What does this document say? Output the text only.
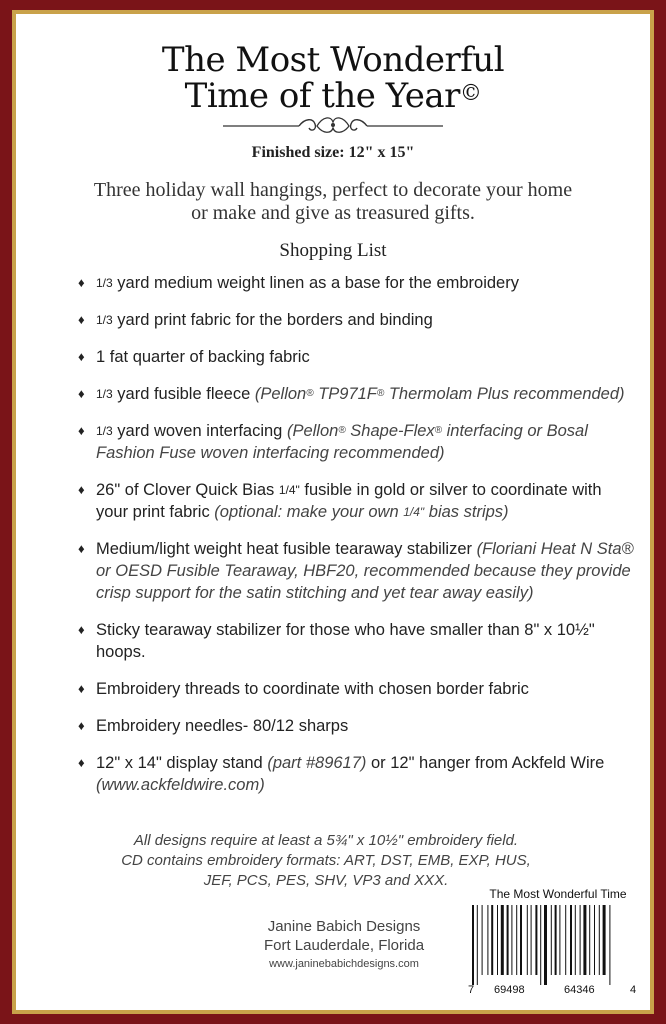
The Most Wonderful
Time of the Year©
Finished size: 12" x 15"
Three holiday wall hangings, perfect to decorate your home
or make and give as treasured gifts.
Shopping List
♦ $^{1/3}$ yard medium weight linen as a base for the embroidery
♦ $^{1/3}$ yard print fabric for the borders and binding
♦ 1 fat quarter of backing fabric
♦ $^{1/3}$ yard fusible fleece (Pellon® TP971F® Thermolam Plus recommended)
♦ $^{1/3}$ yard woven interfacing (Pellon® Shape-Flex® interfacing or Bosal Fashion Fuse woven interfacing recommended)
♦ 26" of Clover Quick Bias $^{1/4"}$ fusible in gold or silver to coordinate with your print fabric (optional: make your own $^{1/4"}$ bias strips)
♦ Medium/light weight heat fusible tearaway stabilizer (Floriani Heat N Sta® or OESD Fusible Tearaway, HBF20, recommended because they provide crisp support for the satin stitching and yet tear away easily)
♦ Sticky tearaway stabilizer for those who have smaller than 8" x 10½" hoops.
♦ Embroidery threads to coordinate with chosen border fabric
♦ Embroidery needles- 80/12 sharps
♦ 12" x 14" display stand (part #89617) or 12" hanger from Ackfeld Wire (www.ackfeldwire.com)
All designs require at least a 5¾" x 10½" embroidery field.
CD contains embroidery formats: ART, DST, EMB, EXP, HUS,
JEF, PCS, PES, SHV, VP3 and XXX.
Janine Babich Designs
Fort Lauderdale, Florida
www.janinebabichdesigns.com
The Most Wonderful Time
7 69498	64346	4
